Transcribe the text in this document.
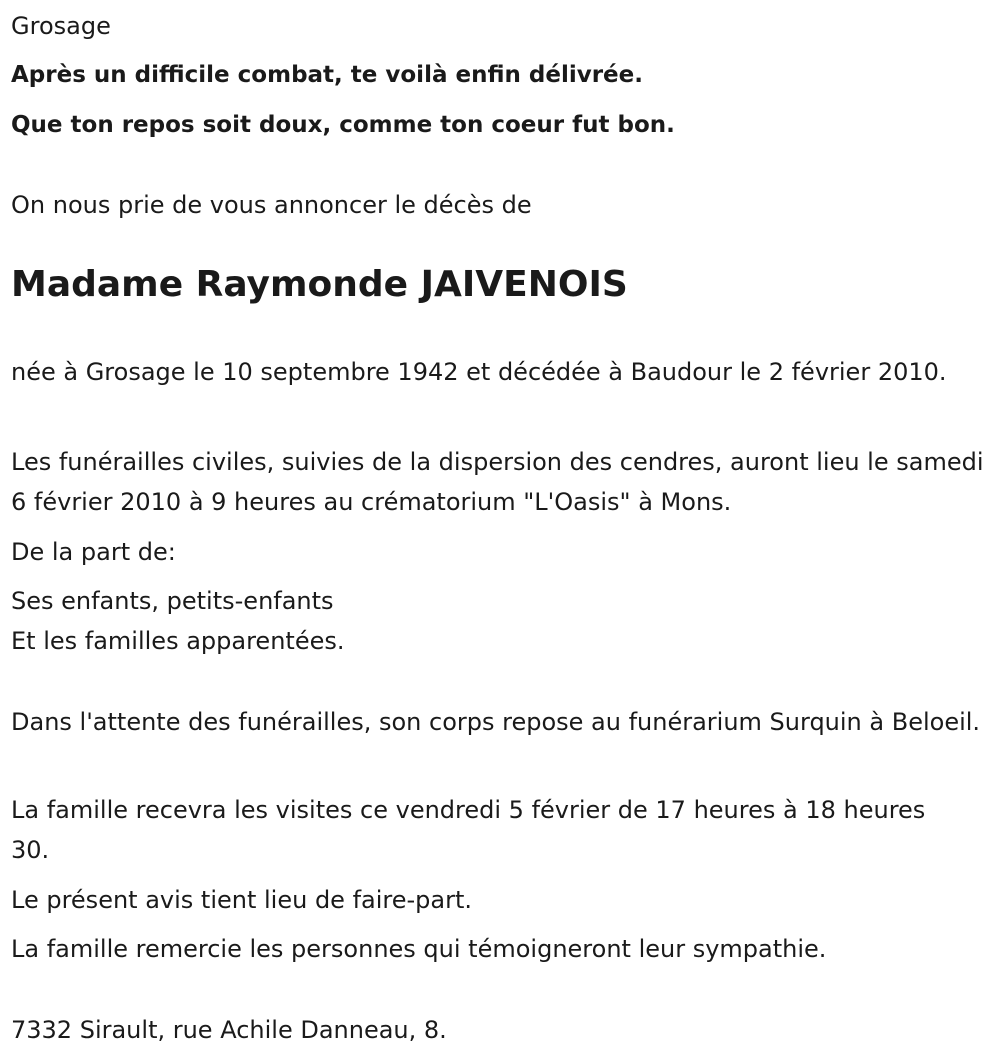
Grosage

Après un difficile combat, te voilà enfin délivrée.

Que ton repos soit doux, comme ton coeur fut bon.

On nous prie de vous annoncer le décès de

Madame Raymonde JAIVENOIS

née à Grosage le 10 septembre 1942 et décédée à Baudour le 2 février 2010.

Les funérailles civiles, suivies de la dispersion des cendres, auront lieu le samedi 6 février 2010 à 9 heures au crématorium "L'Oasis" à Mons.

De la part de:

Ses enfants, petits-enfants

Et les familles apparentées.

Dans l'attente des funérailles, son corps repose au funérarium Surquin à Beloeil.

La famille recevra les visites ce vendredi 5 février de 17 heures à 18 heures 30.

Le présent avis tient lieu de faire-part.

La famille remercie les personnes qui témoigneront leur sympathie.

7332 Sirault, rue Achile Danneau, 8.
